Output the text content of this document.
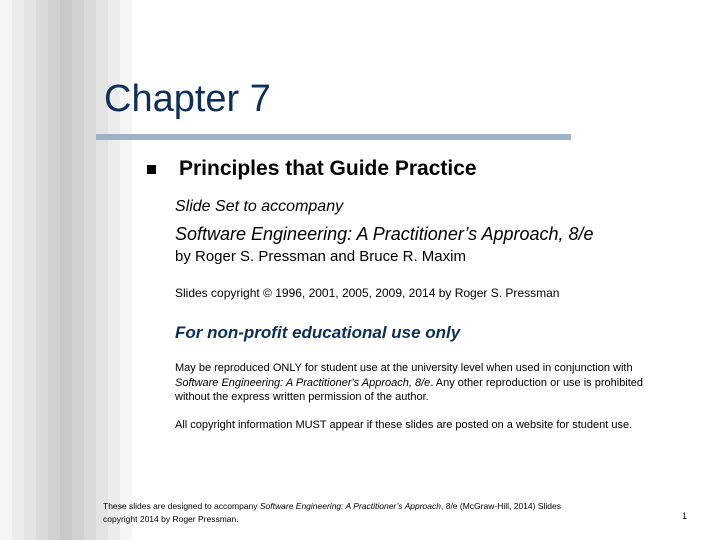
Chapter 7
Principles that Guide Practice
Slide Set to accompany
Software Engineering: A Practitioner’s Approach, 8/e
by Roger S. Pressman and Bruce R. Maxim
Slides copyright © 1996, 2001, 2005, 2009, 2014 by Roger S. Pressman
For non-profit educational use only
May be reproduced ONLY for student use at the university level when used in conjunction with Software Engineering: A Practitioner's Approach, 8/e. Any other reproduction or use is prohibited without the express written permission of the author.
All copyright information MUST appear if these slides are posted on a website for student use.
These slides are designed to accompany Software Engineering: A Practitioner’s Approach, 8/e (McGraw-Hill, 2014) Slides copyright 2014 by Roger Pressman.	1
